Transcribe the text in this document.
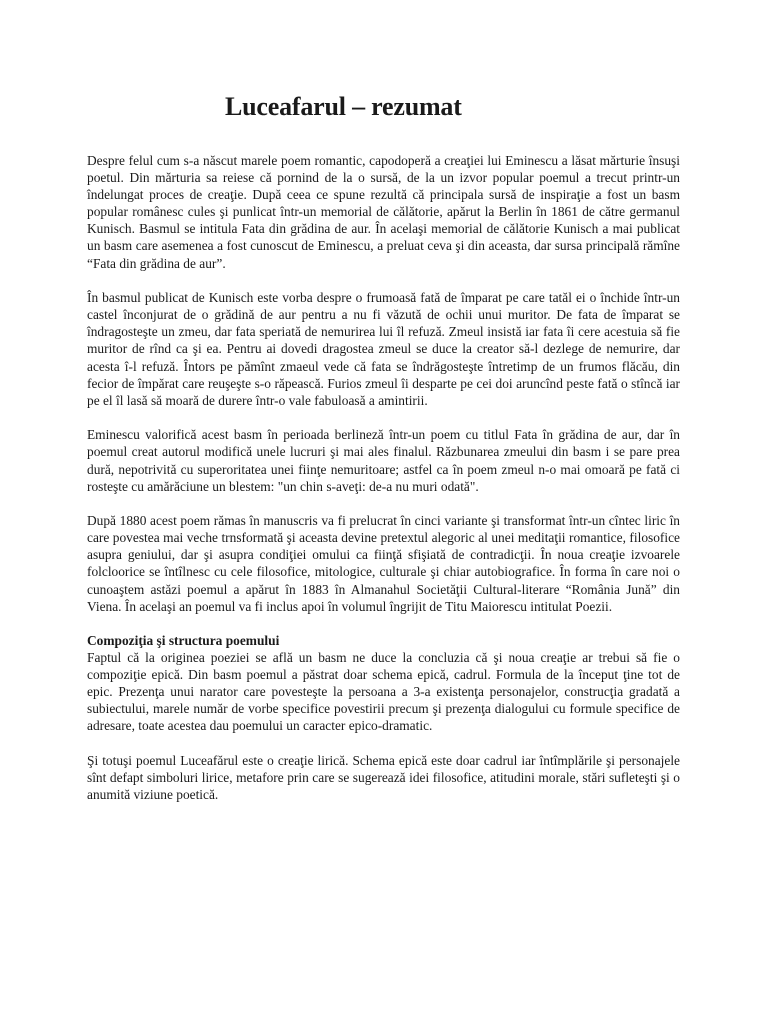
Luceafarul – rezumat

Despre felul cum s-a născut marele poem romantic, capodoperă a creaţiei lui Eminescu a lăsat mărturie însuşi poetul. Din mărturia sa reiese că pornind de la o sursă, de la un izvor popular poemul a trecut printr-un îndelungat proces de creaţie. După ceea ce spune rezultă că principala sursă de inspiraţie a fost un basm popular românesc cules şi punlicat într-un memorial de călătorie, apărut la Berlin în 1861 de către germanul Kunisch. Basmul se intitula Fata din grădina de aur. În acelaşi memorial de călătorie Kunisch a mai publicat un basm care asemenea a fost cunoscut de Eminescu, a preluat ceva şi din aceasta, dar sursa principală rămîne “Fata din grădina de aur”.

În basmul publicat de Kunisch este vorba despre o frumoasă fată de împarat pe care tatăl ei o închide într-un castel înconjurat de o grădină de aur pentru a nu fi văzută de ochii unui muritor. De fata de împarat se îndragosteşte un zmeu, dar fata speriată de nemurirea lui îl refuză. Zmeul insistă iar fata îi cere acestuia să fie muritor de rînd ca şi ea. Pentru ai dovedi dragostea zmeul se duce la creator să-l dezlege de nemurire, dar acesta î-l refuză. Întors pe pămînt zmaeul vede că fata se îndrăgosteşte întretimp de un frumos flăcău, din fecior de împărat care reuşeşte s-o răpească. Furios zmeul îi desparte pe cei doi aruncînd peste fată o stîncă iar pe el îl lasă să moară de durere într-o vale fabuloasă a amintirii.

Eminescu valorifică acest basm în perioada berlineză într-un poem cu titlul Fata în grădina de aur, dar în poemul creat autorul modifică unele lucruri şi mai ales finalul. Răzbunarea zmeului din basm i se pare prea dură, nepotrivită cu superoritatea unei fiinţe nemuritoare; astfel ca în poem zmeul n-o mai omoară pe fată ci rosteşte cu amărăciune un blestem: "un chin s-aveţi: de-a nu muri odată".

După 1880 acest poem rămas în manuscris va fi prelucrat în cinci variante şi transformat într-un cîntec liric în care povestea mai veche trnsformată şi aceasta devine pretextul alegoric al unei meditaţii romantice, filosofice asupra geniului, dar şi asupra condiţiei omului ca fiinţă sfişiată de contradicţii. În noua creaţie izvoarele folcloorice se întîlnesc cu cele filosofice, mitologice, culturale şi chiar autobiografice. În forma în care noi o cunoaştem astăzi poemul a apărut în 1883 în Almanahul Societăţii Cultural-literare “România Jună” din Viena. În acelaşi an poemul va fi inclus apoi în volumul îngrijit de Titu Maiorescu intitulat Poezii.

Compoziţia şi structura poemului

Faptul că la originea poeziei se află un basm ne duce la concluzia că şi noua creaţie ar trebui să fie o compoziţie epică. Din basm poemul a păstrat doar schema epică, cadrul. Formula de la început ţine tot de epic. Prezenţa unui narator care povesteşte la persoana a 3-a existenţa personajelor, construcţia gradată a subiectului, marele număr de vorbe specifice povestirii precum şi prezenţa dialogului cu formule specifice de adresare, toate acestea dau poemului un caracter epico-dramatic.

Şi totuşi poemul Luceafărul este o creaţie lirică. Schema epică este doar cadrul iar întîmplările şi personajele sînt defapt simboluri lirice, metafore prin care se sugerează idei filosofice, atitudini morale, stări sufleteşti şi o anumită viziune poetică.
